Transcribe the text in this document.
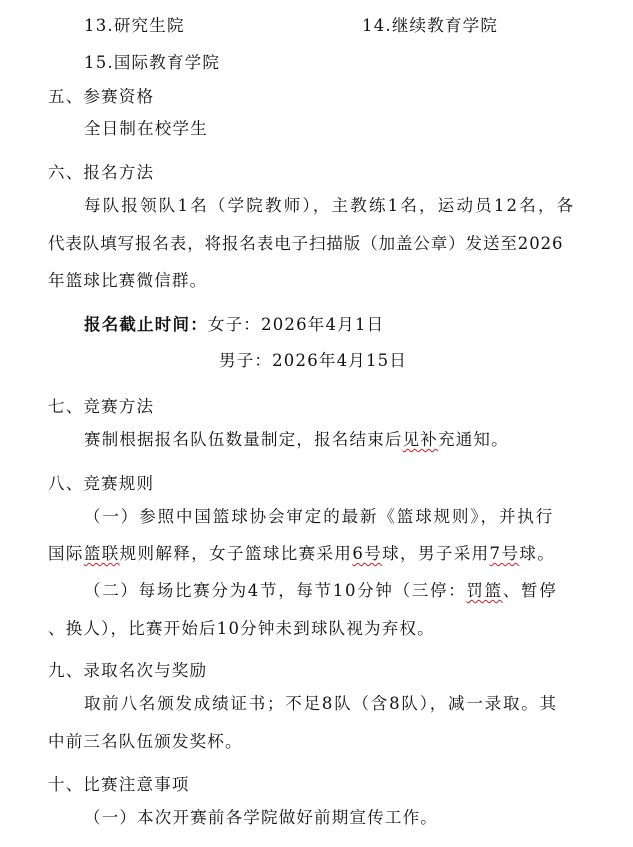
13.研究生院	14.继续教育学院
15.国际教育学院
五、参赛资格
全日制在校学生
六、报名方法
每队报领队1名（学院教师），主教练1名，运动员12名，各
代表队填写报名表，将报名表电子扫描版（加盖公章）发送至2026
年篮球比赛微信群。
报名截止时间：女子：2026年4月1日
男子：2026年4月15日
七、竞赛方法
赛制根据报名队伍数量制定，报名结束后见补充通知。
八、竞赛规则
（一）参照中国篮球协会审定的最新《篮球规则》，并执行
国际篮联规则解释，女子篮球比赛采用6号球，男子采用7号球。
（二）每场比赛分为4节，每节10分钟（三停：罚篮、暂停
、换人），比赛开始后10分钟未到球队视为弃权。
九、录取名次与奖励
取前八名颁发成绩证书；不足8队（含8队），减一录取。其
中前三名队伍颁发奖杯。
十、比赛注意事项
（一）本次开赛前各学院做好前期宣传工作。
